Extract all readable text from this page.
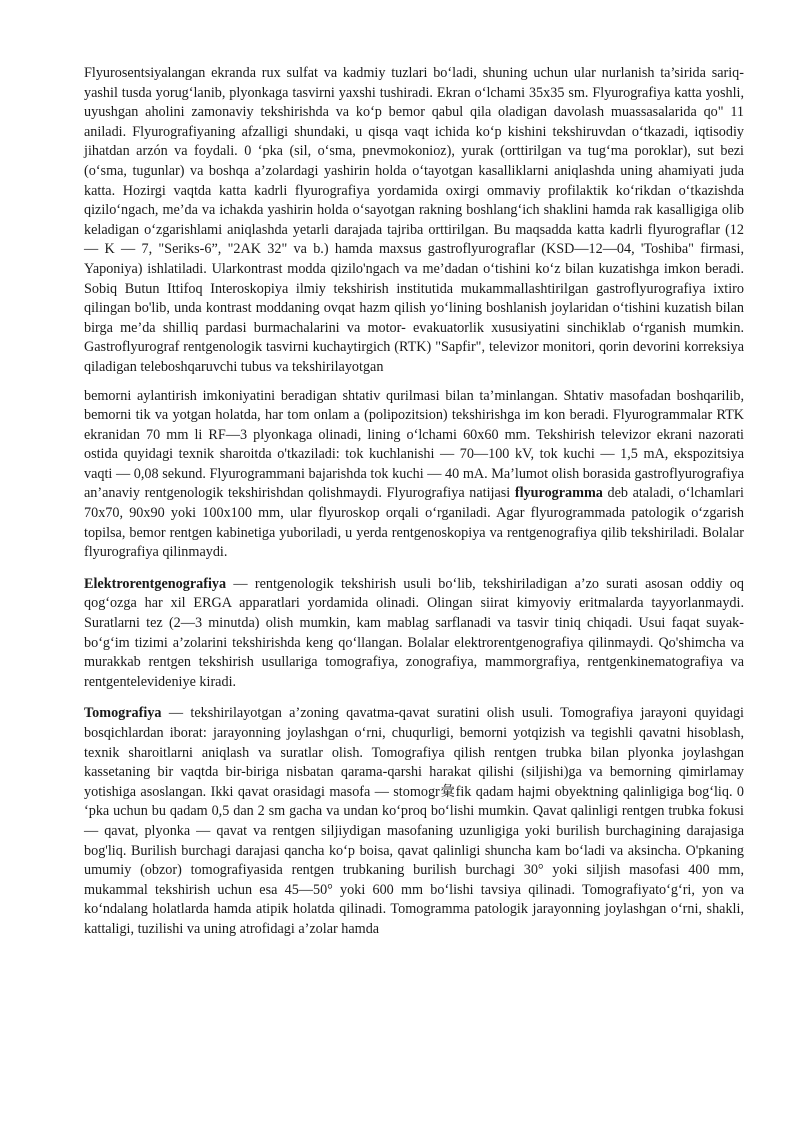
Flyurosentsiyalangan ekranda rux sulfat va kadmiy tuzlari bo‘ladi, shuning uchun ular nurlanish ta’sirida sariq-yashil tusda yorug‘lanib, plyonkaga tasvirni yaxshi tushiradi. Ekran o‘lchami 35x35 sm. Flyurografiya katta yoshli, uyushgan aholini zamonaviy tekshirishda va ko‘p bemor qabul qila oladigan davolash muassasalarida qo" 11 aniladi. Flyurografiyaning afzalligi shundaki, u qisqa vaqt ichida ko‘p kishini tekshiruvdan o‘tkazadi, iqtisodiy jihatdan arzón va foydali. 0 ‘pka (sil, o‘sma, pnevmokonioz), yurak (orttirilgan va tug‘ma poroklar), sut bezi (o‘sma, tugunlar) va boshqa a’zolardagi yashirin holda o‘tayotgan kasalliklarni aniqlashda uning ahamiyati juda katta. Hozirgi vaqtda katta kadrli flyurografiya yordamida oxirgi ommaviy profilaktik ko‘rikdan o‘tkazishda qizilo‘ngach, me’da va ichakda yashirin holda o‘sayotgan rakning boshlang‘ich shaklini hamda rak kasalligiga olib keladigan o‘zgarishlami aniqlashda yetarli darajada tajriba orttirilgan. Bu maqsadda katta kadrli flyurograflar (12 — K — 7, "Seriks-6”, "2AK 32" va b.) hamda maxsus gastroflyurograflar (KSD—12—04, 'Toshiba" firmasi, Yaponiya) ishlatiladi. Ularkontrast modda qizilo'ngach va me’dadan o‘tishini ko‘z bilan kuzatishga imkon beradi. Sobiq Butun Ittifoq Interoskopiya ilmiy tekshirish institutida mukammallashtirilgan gastroflyurografiya ixtiro qilingan bo'lib, unda kontrast moddaning ovqat hazm qilish yo‘lining boshlanish joylaridan o‘tishini kuzatish bilan birga me’da shilliq pardasi burmachalarini va motor- evakuatorlik xususiyatini sinchiklab o‘rganish mumkin. Gastroflyurograf rentgenologik tasvirni kuchaytirgich (RTK) "Sapfir", televizor monitori, qorin devorini korreksiya qiladigan teleboshqaruvchi tubus va tekshirilayotgan

bemorni aylantirish imkoniyatini beradigan shtativ qurilmasi bilan ta’minlangan. Shtativ masofadan boshqarilib, bemorni tik va yotgan holatda, har tom onlam a (polipozitsion) tekshirishga im kon beradi. Flyurogrammalar RTK ekranidan 70 mm li RF—3 plyonkaga olinadi, lining o‘lchami 60x60 mm. Tekshirish televizor ekrani nazorati ostida quyidagi texnik sharoitda o'tkaziladi: tok kuchlanishi — 70—100 kV, tok kuchi — 1,5 mA, ekspozitsiya vaqti — 0,08 sekund. Flyurogrammani bajarishda tok kuchi — 40 mA. Ma’lumot olish borasida gastroflyurografiya an’anaviy rentgenologik tekshirishdan qolishmaydi. Flyurografiya natijasi flyurogramma deb ataladi, o‘lchamlari 70x70, 90x90 yoki 100x100 mm, ular flyuroskop orqali o‘rganiladi. Agar flyurogrammada patologik o‘zgarish topilsa, bemor rentgen kabinetiga yuboriladi, u yerda rentgenoskopiya va rentgenografiya qilib tekshiriladi. Bolalar flyurografiya qilinmaydi.

Elektrorentgenografiya — rentgenologik tekshirish usuli bo‘lib, tekshiriladigan a’zo surati asosan oddiy oq qog‘ozga har xil ERGA apparatlari yordamida olinadi. Olingan siirat kimyoviy eritmalarda tayyorlanmaydi. Suratlarni tez (2—3 minutda) olish mumkin, kam mablag sarflanadi va tasvir tiniq chiqadi. Usui faqat suyak-bo‘g‘im tizimi a’zolarini tekshirishda keng qo‘llangan. Bolalar elektrorentgenografiya qilinmaydi. Qo'shimcha va murakkab rentgen tekshirish usullariga tomografiya, zonografiya, mammorgrafiya, rentgenkinematografiya va rentgentelevideniye kiradi.

Tomografiya — tekshirilayotgan a’zoning qavatma-qavat suratini olish usuli. Tomografiya jarayoni quyidagi bosqichlardan iborat: jarayonning joylashgan o‘rni, chuqurligi, bemorni yotqizish va tegishli qavatni hisoblash, texnik sharoitlarni aniqlash va suratlar olish. Tomografiya qilish rentgen trubka bilan plyonka joylashgan kassetaning bir vaqtda bir-biriga nisbatan qarama-qarshi harakat qilishi (siljishi)ga va bemorning qimirlamay yotishiga asoslangan. Ikki qavat orasidagi masofa — stomogr彙fik qadam hajmi obyektning qalinligiga bog‘liq. 0 ‘pka uchun bu qadam 0,5 dan 2 sm gacha va undan ko‘proq bo‘lishi mumkin. Qavat qalinligi rentgen trubka fokusi — qavat, plyonka — qavat va rentgen siljiydigan masofaning uzunligiga yoki burilish burchagining darajasiga bog'liq. Burilish burchagi darajasi qancha ko‘p boisa, qavat qalinligi shuncha kam bo‘ladi va aksincha. O'pkaning umumiy (obzor) tomografiyasida rentgen trubkaning burilish burchagi 30° yoki siljish masofasi 400 mm, mukammal tekshirish uchun esa 45—50° yoki 600 mm bo‘lishi tavsiya qilinadi. Tomografiyato‘g‘ri, yon va ko‘ndalang holatlarda hamda atipik holatda qilinadi. Tomogramma patologik jarayonning joylashgan o‘rni, shakli, kattaligi, tuzilishi va uning atrofidagi a’zolar hamda
